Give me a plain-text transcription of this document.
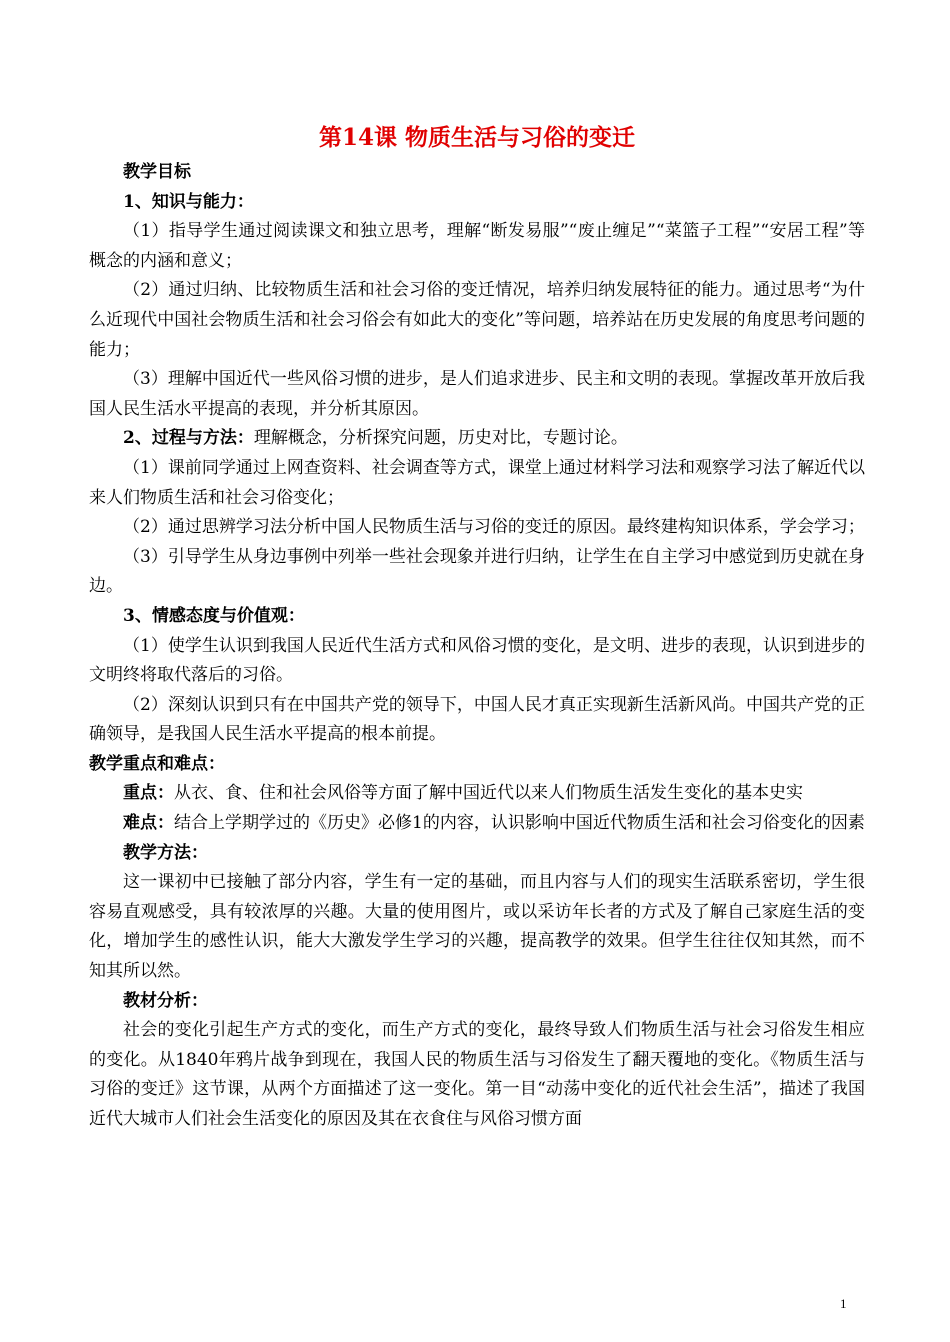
第14课 物质生活与习俗的变迁

教学目标

1、知识与能力：

（1）指导学生通过阅读课文和独立思考，理解“断发易服”“废止缠足”“菜篮子工程”“安居工程”等概念的内涵和意义；

（2）通过归纳、比较物质生活和社会习俗的变迁情况，培养归纳发展特征的能力。通过思考“为什么近现代中国社会物质生活和社会习俗会有如此大的变化”等问题，培养站在历史发展的角度思考问题的能力；

（3）理解中国近代一些风俗习惯的进步，是人们追求进步、民主和文明的表现。掌握改革开放后我国人民生活水平提高的表现，并分析其原因。

2、过程与方法：理解概念，分析探究问题，历史对比，专题讨论。

（1）课前同学通过上网查资料、社会调查等方式，课堂上通过材料学习法和观察学习法了解近代以来人们物质生活和社会习俗变化；

（2）通过思辨学习法分析中国人民物质生活与习俗的变迁的原因。最终建构知识体系，学会学习；

（3）引导学生从身边事例中列举一些社会现象并进行归纳，让学生在自主学习中感觉到历史就在身边。

3、情感态度与价值观：

（1）使学生认识到我国人民近代生活方式和风俗习惯的变化，是文明、进步的表现，认识到进步的文明终将取代落后的习俗。

（2）深刻认识到只有在中国共产党的领导下，中国人民才真正实现新生活新风尚。中国共产党的正确领导，是我国人民生活水平提高的根本前提。

教学重点和难点：

重点：从衣、食、住和社会风俗等方面了解中国近代以来人们物质生活发生变化的基本史实

难点：结合上学期学过的《历史》必修1的内容，认识影响中国近代物质生活和社会习俗变化的因素

教学方法：

这一课初中已接触了部分内容，学生有一定的基础，而且内容与人们的现实生活联系密切，学生很容易直观感受，具有较浓厚的兴趣。大量的使用图片，或以采访年长者的方式及了解自己家庭生活的变化，增加学生的感性认识，能大大激发学生学习的兴趣，提高教学的效果。但学生往往仅知其然，而不知其所以然。

教材分析：

社会的变化引起生产方式的变化，而生产方式的变化，最终导致人们物质生活与社会习俗发生相应的变化。从1840年鸦片战争到现在，我国人民的物质生活与习俗发生了翻天覆地的变化。《物质生活与习俗的变迁》这节课，从两个方面描述了这一变化。第一目“动荡中变化的近代社会生活”，描述了我国近代大城市人们社会生活变化的原因及其在衣食住与风俗习惯方面

1
